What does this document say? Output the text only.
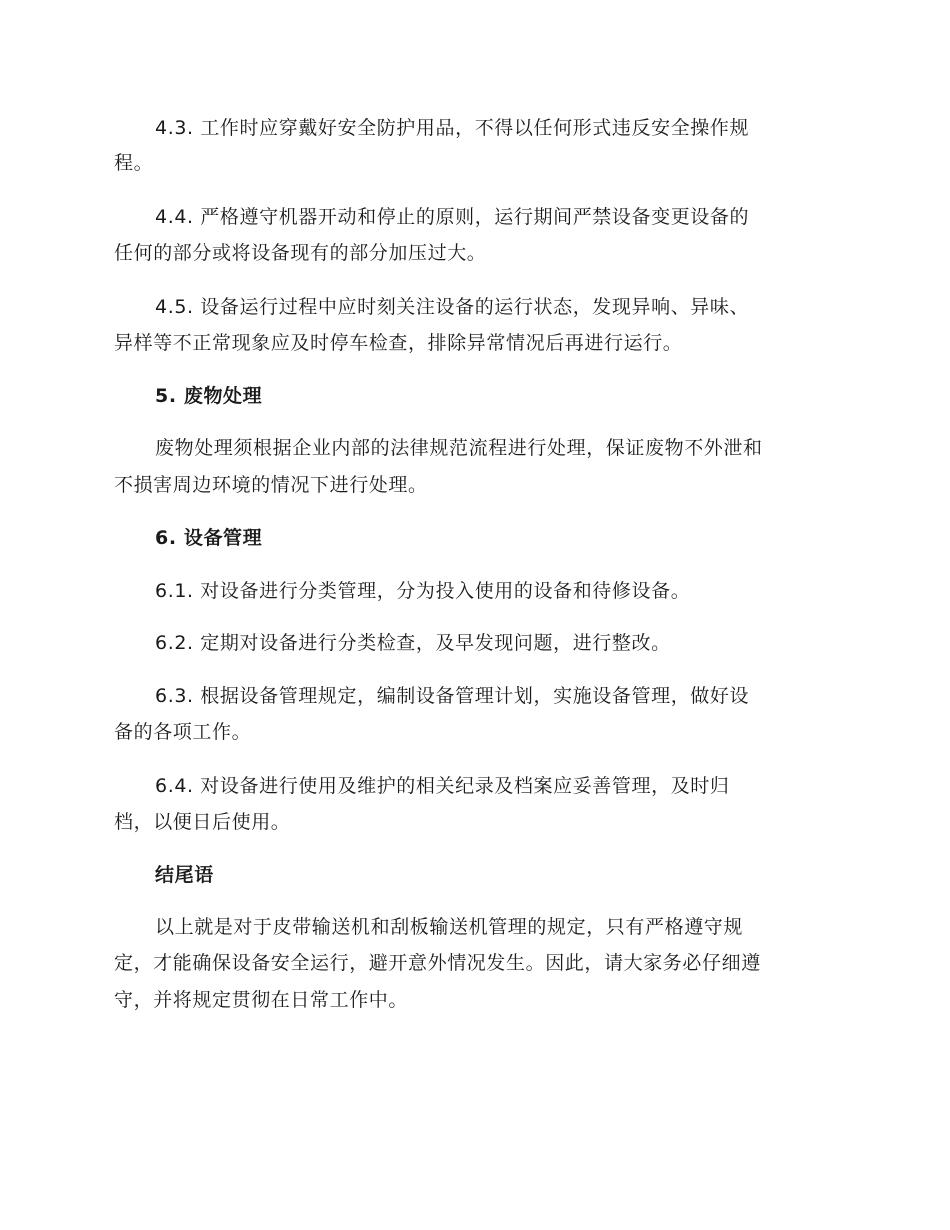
4.3. 工作时应穿戴好安全防护用品，不得以任何形式违反安全操作规
程。
4.4. 严格遵守机器开动和停止的原则，运行期间严禁设备变更设备的
任何的部分或将设备现有的部分加压过大。
4.5. 设备运行过程中应时刻关注设备的运行状态，发现异响、异味、
异样等不正常现象应及时停车检查，排除异常情况后再进行运行。
5. 废物处理
废物处理须根据企业内部的法律规范流程进行处理，保证废物不外泄和
不损害周边环境的情况下进行处理。
6. 设备管理
6.1. 对设备进行分类管理，分为投入使用的设备和待修设备。
6.2. 定期对设备进行分类检查，及早发现问题，进行整改。
6.3. 根据设备管理规定，编制设备管理计划，实施设备管理，做好设
备的各项工作。
6.4. 对设备进行使用及维护的相关纪录及档案应妥善管理，及时归
档，以便日后使用。
结尾语
以上就是对于皮带输送机和刮板输送机管理的规定，只有严格遵守规
定，才能确保设备安全运行，避开意外情况发生。因此，请大家务必仔细遵
守，并将规定贯彻在日常工作中。
